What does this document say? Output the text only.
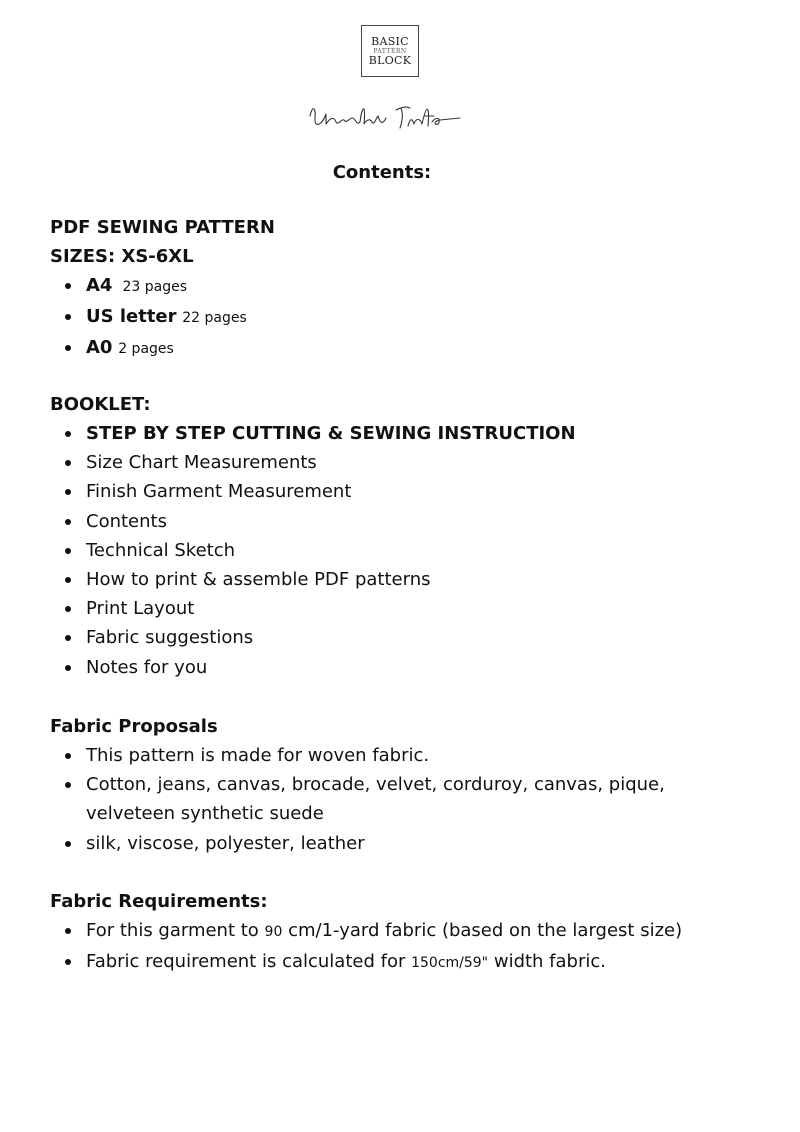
BASIC
PATTERN
BLOCK
Useful Info
Contents:

PDF SEWING PATTERN

SIZES: XS-6XL

A4 23 pages
US letter 22 pages
A0 2 pages

BOOKLET:

STEP BY STEP CUTTING & SEWING INSTRUCTION
Size Chart Measurements
Finish Garment Measurement
Contents
Technical Sketch
How to print & assemble PDF patterns
Print Layout
Fabric suggestions
Notes for you

Fabric Proposals

This pattern is made for woven fabric.
Cotton, jeans, canvas, brocade, velvet, corduroy, canvas, pique, velveteen synthetic suede
silk, viscose, polyester, leather

Fabric Requirements:

For this garment to 90 cm/1-yard fabric (based on the largest size)
Fabric requirement is calculated for 150cm/59" width fabric.
